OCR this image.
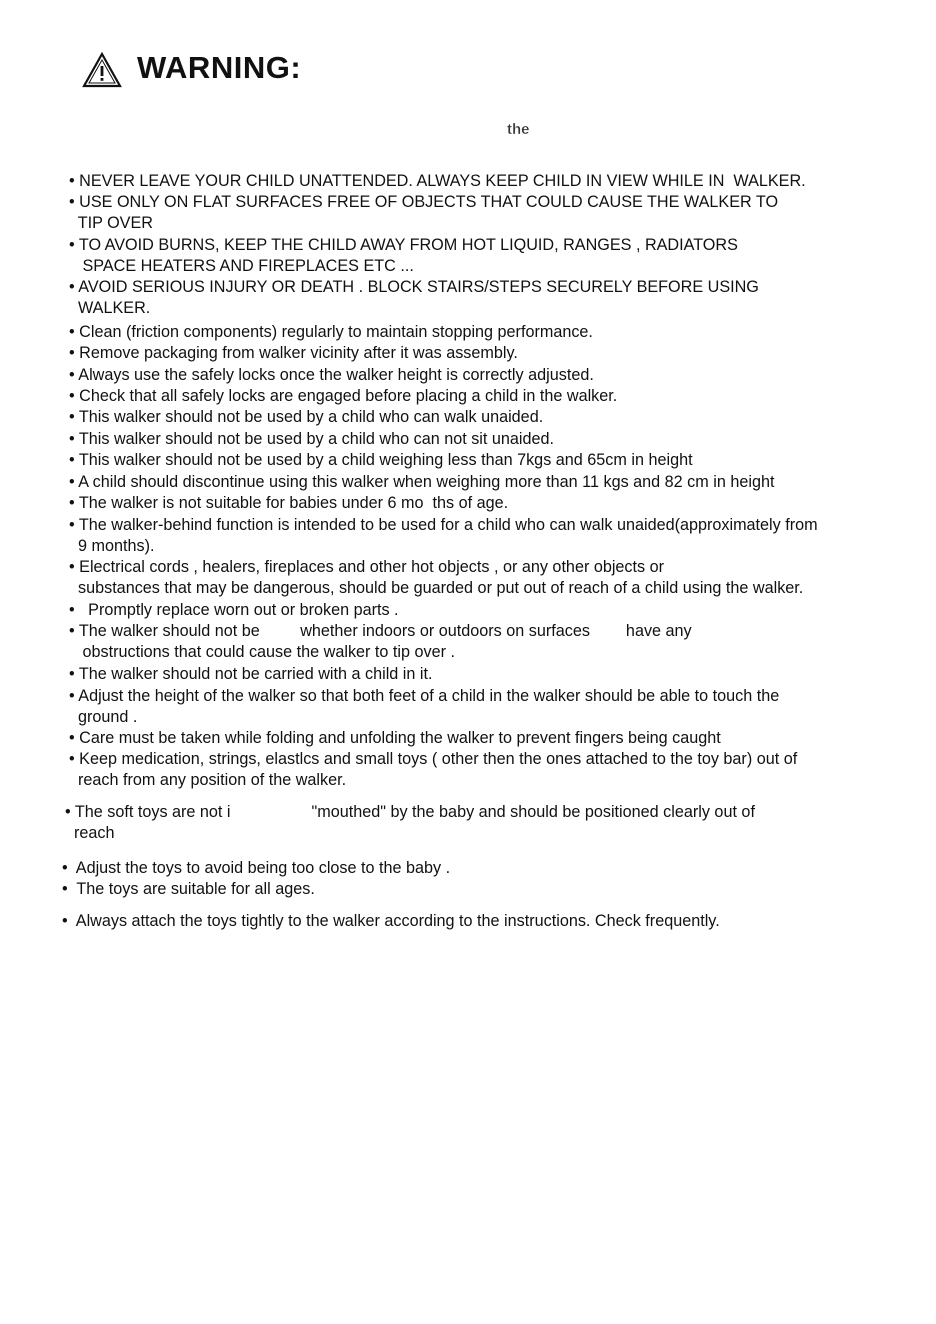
WARNING:
the
• NEVER LEAVE YOUR CHILD UNATTENDED. ALWAYS KEEP CHILD IN VIEW WHILE IN  WALKER.
• USE ONLY ON FLAT SURFACES FREE OF OBJECTS THAT COULD CAUSE THE WALKER TO
TIP OVER
• TO AVOID BURNS, KEEP THE CHILD AWAY FROM HOT LIQUID, RANGES , RADIATORS
SPACE HEATERS AND FIREPLACES ETC ...
• AVOID SERIOUS INJURY OR DEATH . BLOCK STAIRS/STEPS SECURELY BEFORE USING
WALKER.
• Clean (friction components) regularly to maintain stopping performance.
• Remove packaging from walker vicinity after it was assembly.
• Always use the safely locks once the walker height is correctly adjusted.
• Check that all safely locks are engaged before placing a child in the walker.
• This walker should not be used by a child who can walk unaided.
• This walker should not be used by a child who can not sit unaided.
• This walker should not be used by a child weighing less than 7kgs and 65cm in height
• A child should discontinue using this walker when weighing more than 11 kgs and 82 cm in height
• The walker is not suitable for babies under 6 mo  ths of age.
• The walker-behind function is intended to be used for a child who can walk unaided(approximately from
9 months).
• Electrical cords , healers, fireplaces and other hot objects , or any other objects or
substances that may be dangerous, should be guarded or put out of reach of a child using the walker.
•   Promptly replace worn out or broken parts .
• The walker should not be         whether indoors or outdoors on surfaces        have any
obstructions that could cause the walker to tip over .
• The walker should not be carried with a child in it.
• Adjust the height of the walker so that both feet of a child in the walker should be able to touch the
ground .
• Care must be taken while folding and unfolding the walker to prevent fingers being caught
• Keep medication, strings, elastlcs and small toys ( other then the ones attached to the toy bar) out of
reach from any position of the walker.
• The soft toys are not i                  "mouthed" by the baby and should be positioned clearly out of
reach
•  Adjust the toys to avoid being too close to the baby .
•  The toys are suitable for all ages.
•  Always attach the toys tightly to the walker according to the instructions. Check frequently.
